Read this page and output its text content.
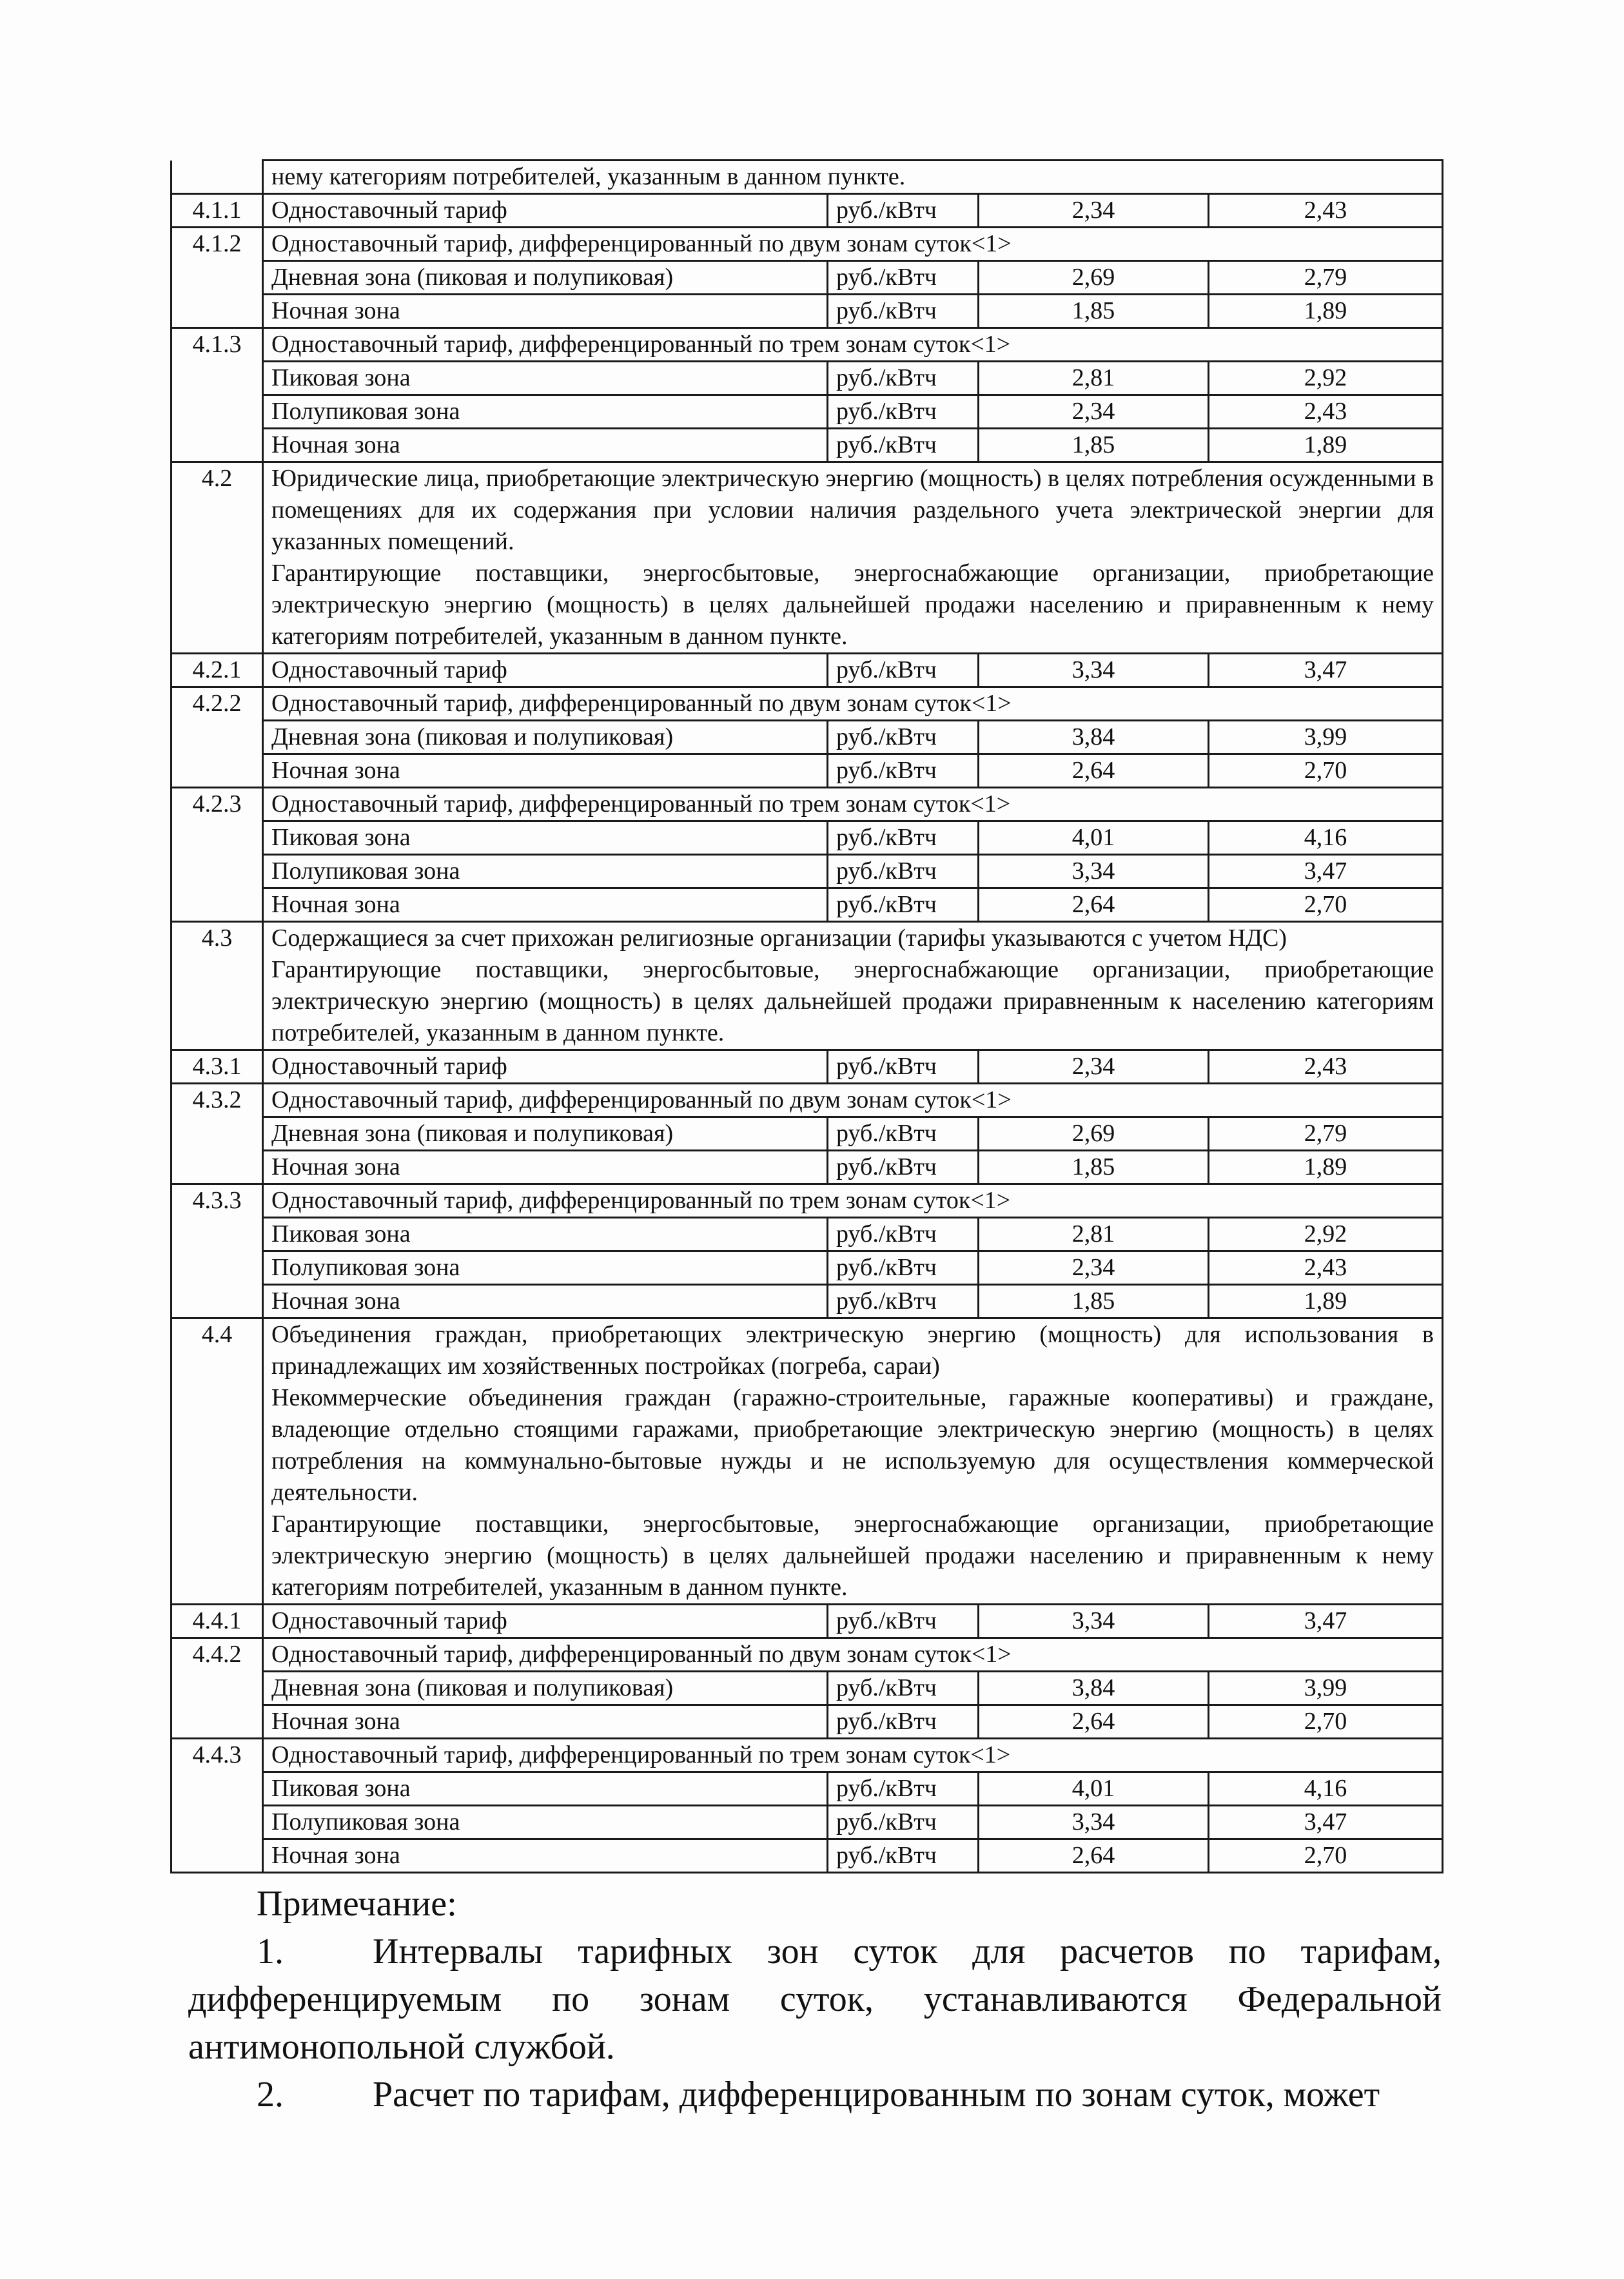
	нему категориям потребителей, указанным в данном пункте.			
4.1.1	Одноставочный тариф	руб./кВтч	2,34	2,43
4.1.2	Одноставочный тариф, дифференцированный по двум зонам суток<1>			
	Дневная зона (пиковая и полупиковая)	руб./кВтч	2,69	2,79
	Ночная зона	руб./кВтч	1,85	1,89
4.1.3	Одноставочный тариф, дифференцированный по трем зонам суток<1>			
	Пиковая зона	руб./кВтч	2,81	2,92
	Полупиковая зона	руб./кВтч	2,34	2,43
	Ночная зона	руб./кВтч	1,85	1,89
4.2	Юридические лица, приобретающие электрическую энергию (мощность) в целях потребления осужденными в помещениях для их содержания при условии наличия раздельного учета электрической энергии для указанных помещений.
Гарантирующие поставщики, энергосбытовые, энергоснабжающие организации, приобретающие электрическую энергию (мощность) в целях дальнейшей продажи населению и приравненным к нему категориям потребителей, указанным в данном пункте.			

4.2.1	Одноставочный тариф	руб./кВтч	3,34	3,47
4.2.2	Одноставочный тариф, дифференцированный по двум зонам суток<1>			
	Дневная зона (пиковая и полупиковая)	руб./кВтч	3,84	3,99
	Ночная зона	руб./кВтч	2,64	2,70
4.2.3	Одноставочный тариф, дифференцированный по трем зонам суток<1>			
	Пиковая зона	руб./кВтч	4,01	4,16
	Полупиковая зона	руб./кВтч	3,34	3,47
	Ночная зона	руб./кВтч	2,64	2,70
4.3	Содержащиеся за счет прихожан религиозные организации (тарифы указываются с учетом НДС)
Гарантирующие поставщики, энергосбытовые, энергоснабжающие организации, приобретающие электрическую энергию (мощность) в целях дальнейшей продажи приравненным к населению категориям потребителей, указанным в данном пункте.			

4.3.1	Одноставочный тариф	руб./кВтч	2,34	2,43
4.3.2	Одноставочный тариф, дифференцированный по двум зонам суток<1>			
	Дневная зона (пиковая и полупиковая)	руб./кВтч	2,69	2,79
	Ночная зона	руб./кВтч	1,85	1,89
4.3.3	Одноставочный тариф, дифференцированный по трем зонам суток<1>			
	Пиковая зона	руб./кВтч	2,81	2,92
	Полупиковая зона	руб./кВтч	2,34	2,43
	Ночная зона	руб./кВтч	1,85	1,89
4.4	Объединения граждан, приобретающих электрическую энергию (мощность) для использования в принадлежащих им хозяйственных постройках (погреба, сараи)
Некоммерческие объединения граждан (гаражно-строительные, гаражные кооперативы) и граждане, владеющие отдельно стоящими гаражами, приобретающие электрическую энергию (мощность) в целях потребления на коммунально-бытовые нужды и не используемую для осуществления коммерческой деятельности.
Гарантирующие поставщики, энергосбытовые, энергоснабжающие организации, приобретающие электрическую энергию (мощность) в целях дальнейшей продажи населению и приравненным к нему категориям потребителей, указанным в данном пункте.			

4.4.1	Одноставочный тариф	руб./кВтч	3,34	3,47
4.4.2	Одноставочный тариф, дифференцированный по двум зонам суток<1>			
	Дневная зона (пиковая и полупиковая)	руб./кВтч	3,84	3,99
	Ночная зона	руб./кВтч	2,64	2,70
4.4.3	Одноставочный тариф, дифференцированный по трем зонам суток<1>			
	Пиковая зона	руб./кВтч	4,01	4,16
	Полупиковая зона	руб./кВтч	3,34	3,47
	Ночная зона	руб./кВтч	2,64	2,70

Примечание:

1. Интервалы тарифных зон суток для расчетов по тарифам, дифференцируемым по зонам суток, устанавливаются Федеральной антимонопольной службой.

2. Расчет по тарифам, дифференцированным по зонам суток, может
